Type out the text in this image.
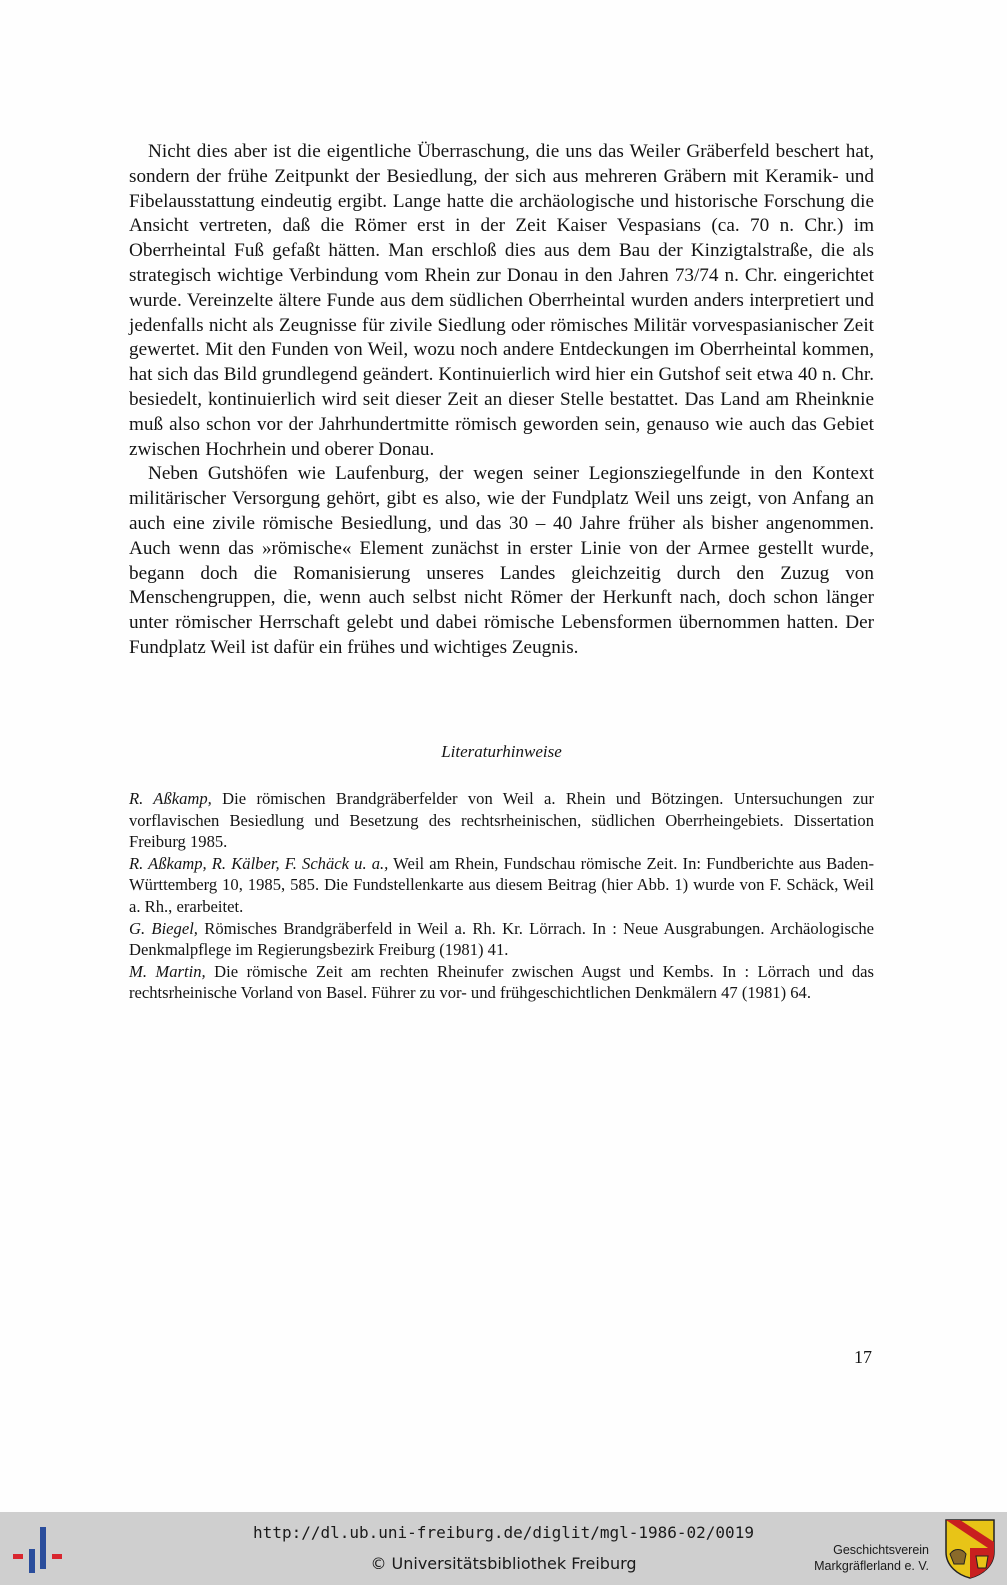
Nicht dies aber ist die eigentliche Überraschung, die uns das Weiler Gräberfeld beschert hat, sondern der frühe Zeitpunkt der Besiedlung, der sich aus mehreren Gräbern mit Keramik- und Fibelausstattung eindeutig ergibt. Lange hatte die archäologische und historische Forschung die Ansicht vertreten, daß die Römer erst in der Zeit Kaiser Vespasians (ca. 70 n. Chr.) im Oberrheintal Fuß gefaßt hätten. Man erschloß dies aus dem Bau der Kinzigtalstraße, die als strategisch wichtige Verbindung vom Rhein zur Donau in den Jahren 73/74 n. Chr. eingerichtet wurde. Vereinzelte ältere Funde aus dem südlichen Oberrheintal wurden anders interpretiert und jedenfalls nicht als Zeugnisse für zivile Siedlung oder römisches Militär vorvespasianischer Zeit gewertet. Mit den Funden von Weil, wozu noch andere Entdeckungen im Oberrheintal kommen, hat sich das Bild grundlegend geändert. Kontinuierlich wird hier ein Gutshof seit etwa 40 n. Chr. besiedelt, kontinuierlich wird seit dieser Zeit an dieser Stelle bestattet. Das Land am Rheinknie muß also schon vor der Jahrhundertmitte römisch geworden sein, genauso wie auch das Gebiet zwischen Hochrhein und oberer Donau.

Neben Gutshöfen wie Laufenburg, der wegen seiner Legionsziegelfunde in den Kontext militärischer Versorgung gehört, gibt es also, wie der Fundplatz Weil uns zeigt, von Anfang an auch eine zivile römische Besiedlung, und das 30 – 40 Jahre früher als bisher angenommen. Auch wenn das »römische« Element zunächst in erster Linie von der Armee gestellt wurde, begann doch die Romanisierung unseres Landes gleichzeitig durch den Zuzug von Menschengruppen, die, wenn auch selbst nicht Römer der Herkunft nach, doch schon länger unter römischer Herrschaft gelebt und dabei römische Lebensformen übernommen hatten. Der Fundplatz Weil ist dafür ein frühes und wichtiges Zeugnis.

Literaturhinweise

R. Aßkamp, Die römischen Brandgräberfelder von Weil a. Rhein und Bötzingen. Untersuchungen zur vorflavischen Besiedlung und Besetzung des rechtsrheinischen, südlichen Oberrheingebiets. Dissertation Freiburg 1985.

R. Aßkamp, R. Kälber, F. Schäck u. a., Weil am Rhein, Fundschau römische Zeit. In: Fundberichte aus Baden-Württemberg 10, 1985, 585. Die Fundstellenkarte aus diesem Beitrag (hier Abb. 1) wurde von F. Schäck, Weil a. Rh., erarbeitet.

G. Biegel, Römisches Brandgräberfeld in Weil a. Rh. Kr. Lörrach. In : Neue Ausgrabungen. Archäologische Denkmalpflege im Regierungsbezirk Freiburg (1981) 41.

M. Martin, Die römische Zeit am rechten Rheinufer zwischen Augst und Kembs. In : Lörrach und das rechtsrheinische Vorland von Basel. Führer zu vor- und frühgeschichtlichen Denkmälern 47 (1981) 64.

17
http://dl.ub.uni-freiburg.de/diglit/mgl-1986-02/0019
© Universitätsbibliothek Freiburg
Geschichtsverein
Markgräflerland e. V.
